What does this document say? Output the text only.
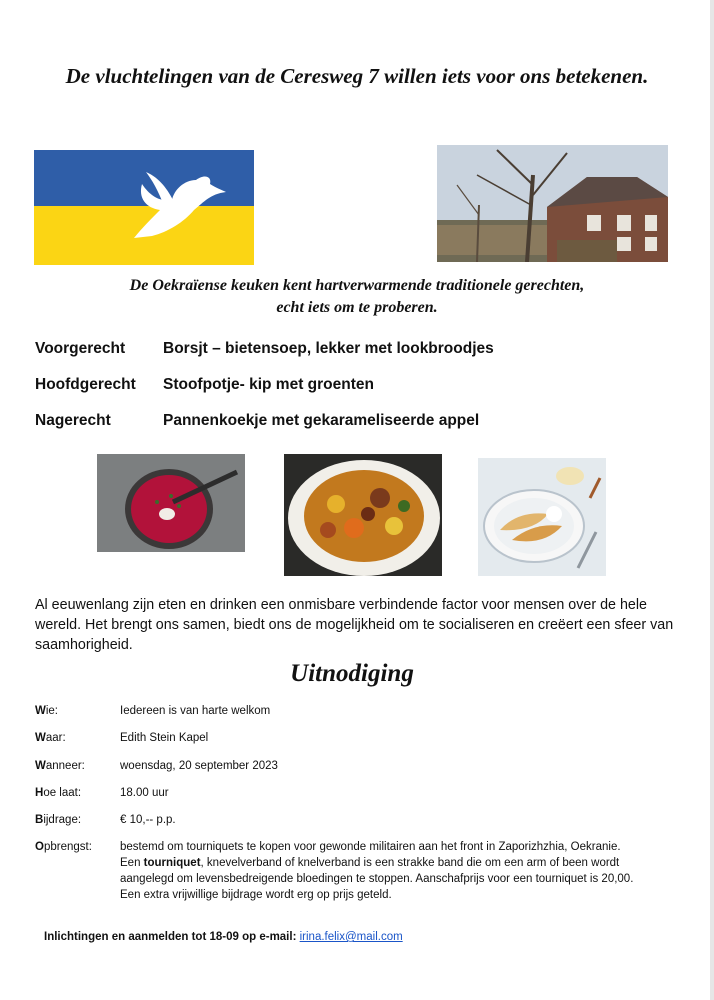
De vluchtelingen van de Ceresweg 7 willen iets voor ons betekenen.
De Oekraïense keuken kent hartverwarmende traditionele gerechten,
echt iets om te proberen.
Voorgerecht Borsjt – bietensoep, lekker met lookbroodjes
Hoofdgerecht Stoofpotje- kip met groenten
Nagerecht	Pannenkoekje met gekarameliseerde appel
Al eeuwenlang zijn eten en drinken een onmisbare verbindende factor voor mensen over de hele wereld. Het brengt ons samen, biedt ons de mogelijkheid om te socialiseren en creëert een sfeer van saamhorigheid.
Uitnodiging
Wie:	Iedereen is van harte welkom
Waar:	Edith Stein Kapel
Wanneer:	woensdag, 20 september 2023
Hoe laat:	18.00 uur
Bijdrage:	€ 10,-- p.p.
Opbrengst: bestemd om tourniquets te kopen voor gewonde militairen aan het front in Zaporizhzhia, Oekranie.
Een tourniquet, knevelverband of knelverband is een strakke band die om een arm of been wordt
aangelegd om levensbedreigende bloedingen te stoppen. Aanschafprijs voor een tourniquet is 20,00.
Een extra vrijwillige bijdrage wordt erg op prijs geteld.
Inlichtingen en aanmelden tot 18-09 op e-mail: irina.felix@mail.com
